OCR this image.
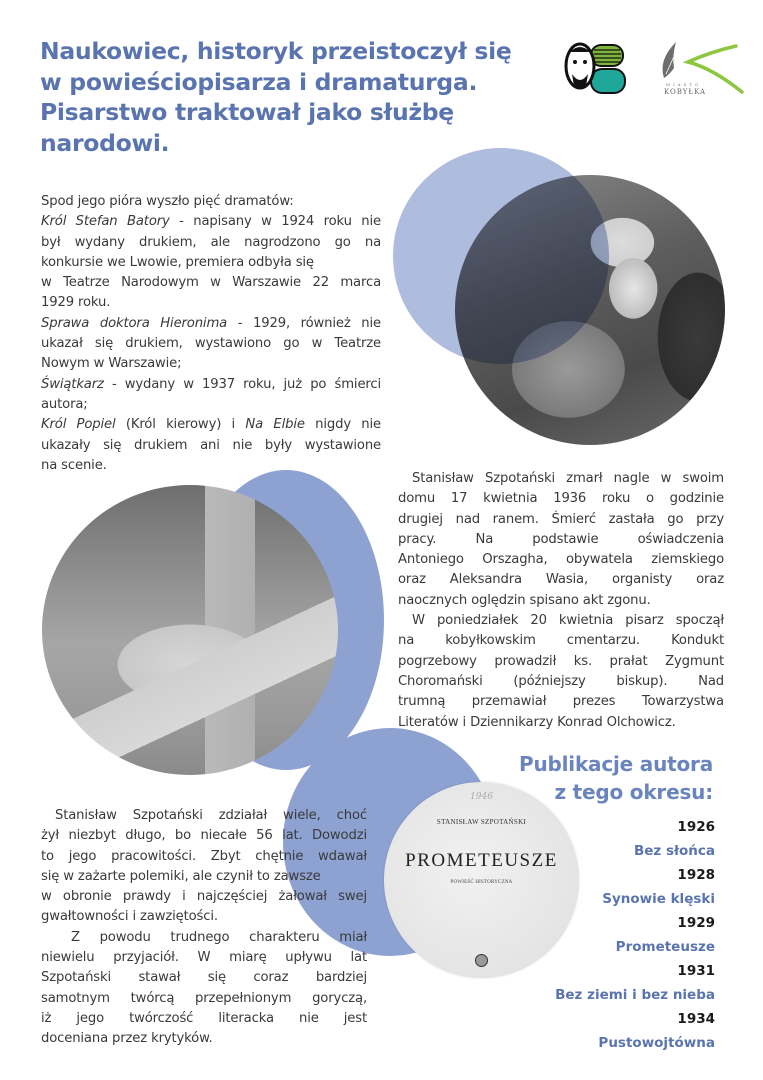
Naukowiec, historyk przeistoczył się
w powieściopisarza i dramaturga.
Pisarstwo traktował jako służbę
narodowi.
MIASTO
KOBYŁKA
Spod jego pióra wyszło pięć dramatów:
Król Stefan Batory - napisany w 1924 roku nie
był wydany drukiem, ale nagrodzono go na
konkursie we Lwowie, premiera odbyła się
w Teatrze Narodowym w Warszawie 22 marca
1929 roku.
Sprawa doktora Hieronima - 1929, również nie
ukazał się drukiem, wystawiono go w Teatrze
Nowym w Warszawie;
Świątkarz - wydany w 1937 roku, już po śmierci
autora;
Król Popiel (Król kierowy) i Na Elbie nigdy nie
ukazały się drukiem ani nie były wystawione
na scenie.
Stanisław Szpotański zmarł nagle w swoim
domu 17 kwietnia 1936 roku o godzinie
drugiej nad ranem. Śmierć zastała go przy
pracy. Na podstawie oświadczenia
Antoniego Orszagha, obywatela ziemskiego
oraz Aleksandra Wasia, organisty oraz
naocznych oględzin spisano akt zgonu.
W poniedziałek 20 kwietnia pisarz spoczął
na kobyłkowskim cmentarzu. Kondukt
pogrzebowy prowadził ks. prałat Zygmunt
Choromański (późniejszy biskup). Nad
trumną przemawiał prezes Towarzystwa
Literatów i Dziennikarzy Konrad Olchowicz.
Stanisław Szpotański zdziałał wiele, choć
żył niezbyt długo, bo niecałe 56 lat. Dowodzi
to jego pracowitości. Zbyt chętnie wdawał
się w zażarte polemiki, ale czynił to zawsze
w obronie prawdy i najczęściej żałował swej
gwałtowności i zawziętości.
Z powodu trudnego charakteru miał
niewielu przyjaciół. W miarę upływu lat
Szpotański stawał się coraz bardziej
samotnym twórcą przepełnionym goryczą,
iż jego twórczość literacka nie jest
doceniana przez krytyków.
1946
STANISŁAW SZPOTAŃSKI
PROMETEUSZE
POWIEŚĆ HISTORYCZNA
Publikacje autora
z tego okresu:
1926
Bez słońca
1928
Synowie klęski
1929
Prometeusze
1931
Bez ziemi i bez nieba
1934
Pustowojtówna
